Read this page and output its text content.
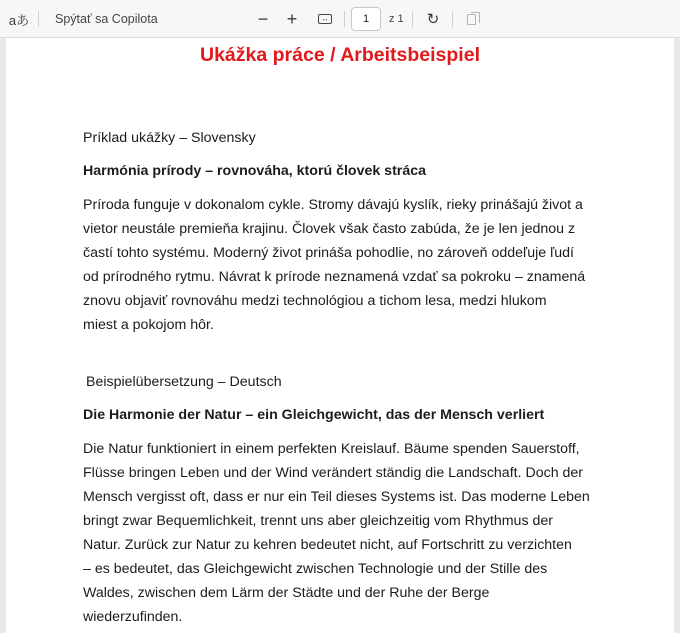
aあ Spýtať sa Copilota	− +	↔
1	z 1 ↻
Ukážka práce / Arbeitsbeispiel
Príklad ukážky – Slovensky
Harmónia prírody – rovnováha, ktorú človek stráca
Príroda funguje v dokonalom cykle. Stromy dávajú kyslík, rieky prinášajú život a
vietor neustále premieňa krajinu. Človek však často zabúda, že je len jednou z
častí tohto systému. Moderný život prináša pohodlie, no zároveň oddeľuje ľudí
od prírodného rytmu. Návrat k prírode neznamená vzdať sa pokroku – znamená
znovu objaviť rovnováhu medzi technológiou a tichom lesa, medzi hlukom
miest a pokojom hôr.
Beispielübersetzung – Deutsch
Die Harmonie der Natur – ein Gleichgewicht, das der Mensch verliert
Die Natur funktioniert in einem perfekten Kreislauf. Bäume spenden Sauerstoff,
Flüsse bringen Leben und der Wind verändert ständig die Landschaft. Doch der
Mensch vergisst oft, dass er nur ein Teil dieses Systems ist. Das moderne Leben
bringt zwar Bequemlichkeit, trennt uns aber gleichzeitig vom Rhythmus der
Natur. Zurück zur Natur zu kehren bedeutet nicht, auf Fortschritt zu verzichten
– es bedeutet, das Gleichgewicht zwischen Technologie und der Stille des
Waldes, zwischen dem Lärm der Städte und der Ruhe der Berge
wiederzufinden.
